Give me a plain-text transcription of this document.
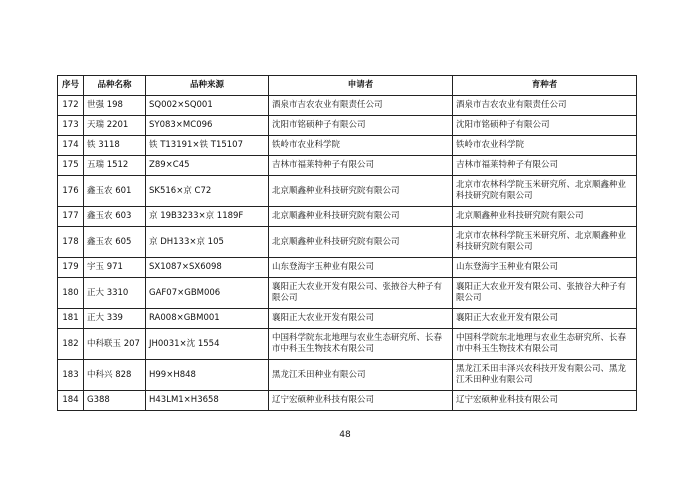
序号	品种名称	品种来源	申请者	育种者
172	世强 198	SQ002×SQ001	酒泉市吉农农业有限责任公司	酒泉市吉农农业有限责任公司
173	天瑞 2201	SY083×MC096	沈阳市铭硕种子有限公司	沈阳市铭硕种子有限公司
174	铁 3118	铁 T13191×铁 T15107	铁岭市农业科学院	铁岭市农业科学院
175	五瑞 1512	Z89×C45	吉林市福莱特种子有限公司	吉林市福莱特种子有限公司
176	鑫玉农 601	SK516×京 C72	北京顺鑫种业科技研究院有限公司	北京市农林科学院玉米研究所、北京顺鑫种业科技研究院有限公司
177	鑫玉农 603	京 19B3233×京 1189F	北京顺鑫种业科技研究院有限公司	北京顺鑫种业科技研究院有限公司
178	鑫玉农 605	京 DH133×京 105	北京顺鑫种业科技研究院有限公司	北京市农林科学院玉米研究所、北京顺鑫种业科技研究院有限公司
179	宇玉 971	SX1087×SX6098	山东登海宇玉种业有限公司	山东登海宇玉种业有限公司
180	正大 3310	GAF07×GBM006	襄阳正大农业开发有限公司、张掖谷大种子有限公司	襄阳正大农业开发有限公司、张掖谷大种子有限公司
181	正大 339	RA008×GBM001	襄阳正大农业开发有限公司	襄阳正大农业开发有限公司
182	中科联玉 207	JH0031×沈 1554	中国科学院东北地理与农业生态研究所、长春市中科玉生物技术有限公司	中国科学院东北地理与农业生态研究所、长春市中科玉生物技术有限公司
183	中科兴 828	H99×H848	黑龙江禾田种业有限公司	黑龙江禾田丰泽兴农科技开发有限公司、黑龙江禾田种业有限公司
184	G388	H43LM1×H3658	辽宁宏硕种业科技有限公司	辽宁宏硕种业科技有限公司
48
